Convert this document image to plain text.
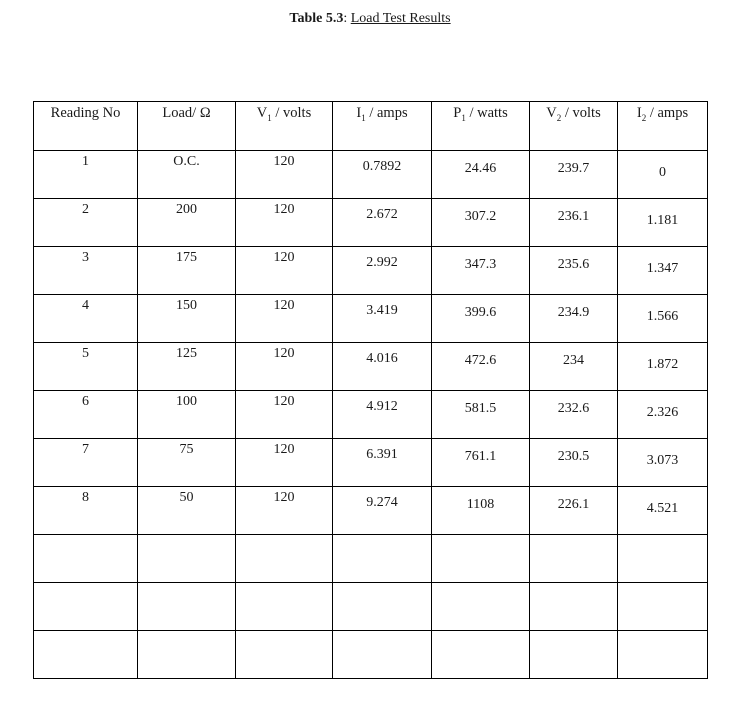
Table 5.3: Load Test Results
Reading No	Load/ Ω	$V_1$ / volts	$I_1$ / amps	$P_1$ / watts	$V_2$ / volts	$I_2$ / amps

1	O.C.	120	0.7892	24.46	239.7	0

2	200	120	2.672	307.2	236.1	1.181

3	175	120	2.992	347.3	235.6	1.347

4	150	120	3.419	399.6	234.9	1.566

5	125	120	4.016	472.6	234	1.872

6	100	120	4.912	581.5	232.6	2.326

7	75	120	6.391	761.1	230.5	3.073

8	50	120	9.274	1108	226.1	4.521
